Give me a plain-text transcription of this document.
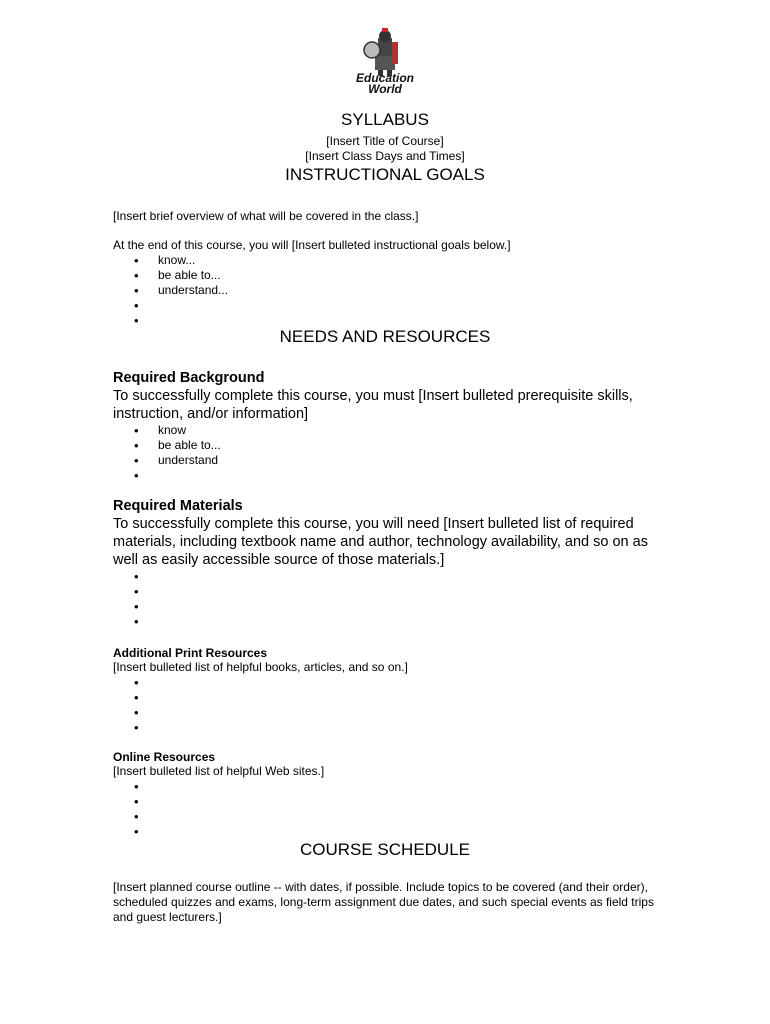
Education
World
SYLLABUS
[Insert Title of Course]
[Insert Class Days and Times]
INSTRUCTIONAL GOALS
[Insert brief overview of what will be covered in the class.]
At the end of this course, you will [Insert bulleted instructional goals below.]
• know...
• be able to...
• understand...
•
•
NEEDS AND RESOURCES
Required Background
To successfully complete this course, you must [Insert bulleted prerequisite skills, instruction, and/or information]
• know
• be able to...
• understand
•
Required Materials
To successfully complete this course, you will need [Insert bulleted list of required materials, including textbook name and author, technology availability, and so on as well as easily accessible source of those materials.]
•
•
•
•
Additional Print Resources
[Insert bulleted list of helpful books, articles, and so on.]
•
•
•
•
Online Resources
[Insert bulleted list of helpful Web sites.]
•
•
•
•
COURSE SCHEDULE
[Insert planned course outline -- with dates, if possible. Include topics to be covered (and their order), scheduled quizzes and exams, long-term assignment due dates, and such special events as field trips and guest lecturers.]
